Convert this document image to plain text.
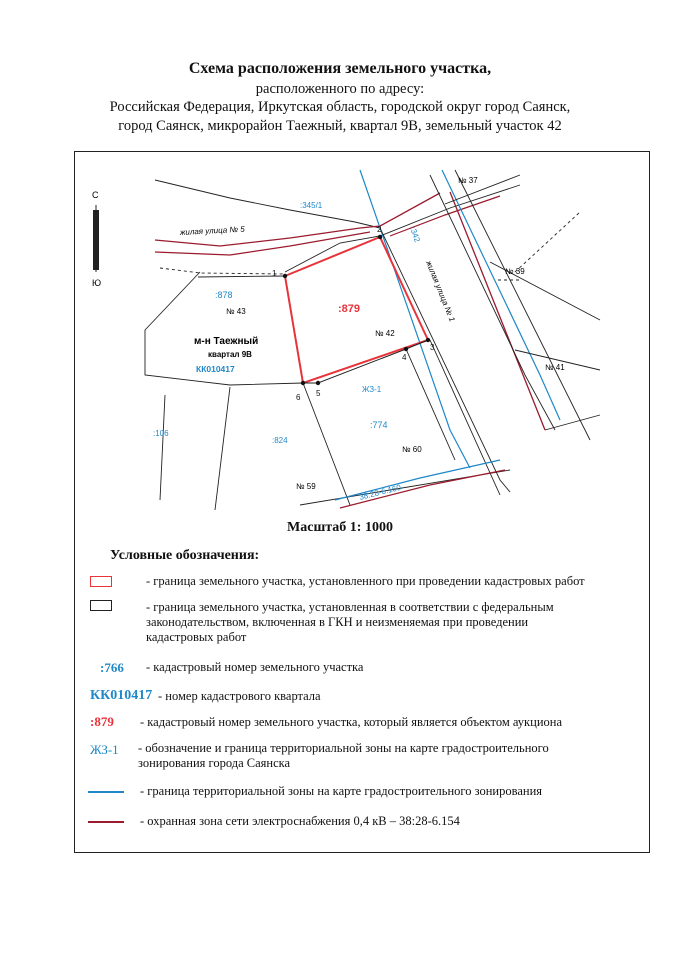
Схема расположения земельного участка,
расположенного по адресу:
Российская Федерация, Иркутская область, городской округ город Саянск,
город Саянск, микрорайон Таежный, квартал 9В, земельный участок 42
С
Ю
1
2
3
4
5
6
жилая улица № 5
жилая улица № 1
:345/1
:342
:878
:879
:774
:824
:106
№ 37
№ 39
№ 41
№ 43
№ 42
№ 60
№ 59
м-н Таежный
квартал 9В
КК010417
ЖЗ-1
38:28-6.160
Масштаб 1: 1000
Условные обозначения:
- граница земельного участка, установленного при проведении кадастровых работ
- граница земельного участка, установленная в соответствии с федеральным законодательством, включенная в ГКН и неизменяемая при проведении кадастровых работ
:766 - кадастровый номер земельного участка
КК010417 - номер кадастрового квартала
:879 - кадастровый номер земельного участка, который является объектом аукциона
ЖЗ-1 - обозначение и граница территориальной зоны на карте градостроительного зонирования города Саянска
- граница территориальной зоны на карте градостроительного зонирования
- охранная зона сети электроснабжения 0,4 кВ – 38:28-6.154
